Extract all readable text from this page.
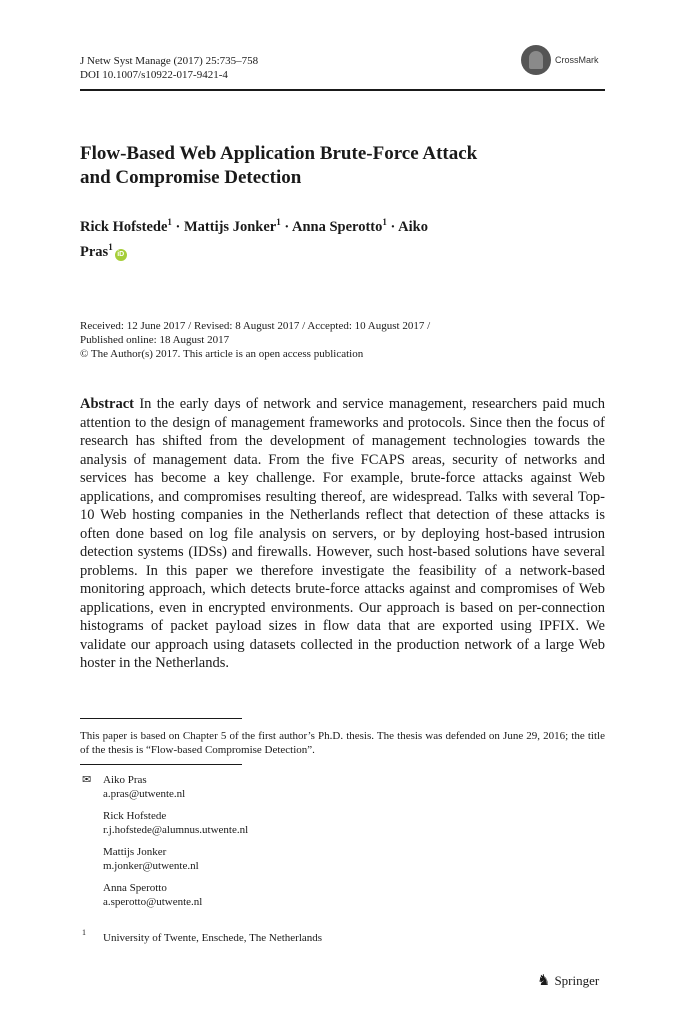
J Netw Syst Manage (2017) 25:735–758
DOI 10.1007/s10922-017-9421-4
CrossMark
Flow-Based Web Application Brute-Force Attack
and Compromise Detection
Rick Hofstede$^1$ · Mattijs Jonker$^1$ · Anna Sperotto$^1$ · Aiko
Pras$^1$iD
Received: 12 June 2017 / Revised: 8 August 2017 / Accepted: 10 August 2017 /
Published online: 18 August 2017
© The Author(s) 2017. This article is an open access publication
Abstract In the early days of network and service management, researchers paid much attention to the design of management frameworks and protocols. Since then the focus of research has shifted from the development of management technologies towards the analysis of management data. From the five FCAPS areas, security of networks and services has become a key challenge. For example, brute-force attacks against Web applications, and compromises resulting thereof, are widespread. Talks with several Top-10 Web hosting companies in the Netherlands reflect that detection of these attacks is often done based on log file analysis on servers, or by deploying host-based intrusion detection systems (IDSs) and firewalls. However, such host-based solutions have several problems. In this paper we therefore investigate the feasibility of a network-based monitoring approach, which detects brute-force attacks against and compromises of Web applications, even in encrypted environments. Our approach is based on per-connection histograms of packet payload sizes in flow data that are exported using IPFIX. We validate our approach using datasets collected in the production network of a large Web hoster in the Netherlands.
This paper is based on Chapter 5 of the first author’s Ph.D. thesis. The thesis was defended on June 29, 2016; the title of the thesis is “Flow-based Compromise Detection”.
✉ Aiko Pras
a.pras@utwente.nl
Rick Hofstede
r.j.hofstede@alumnus.utwente.nl
Mattijs Jonker
m.jonker@utwente.nl
Anna Sperotto
a.sperotto@utwente.nl
1 University of Twente, Enschede, The Netherlands
♞ Springer
